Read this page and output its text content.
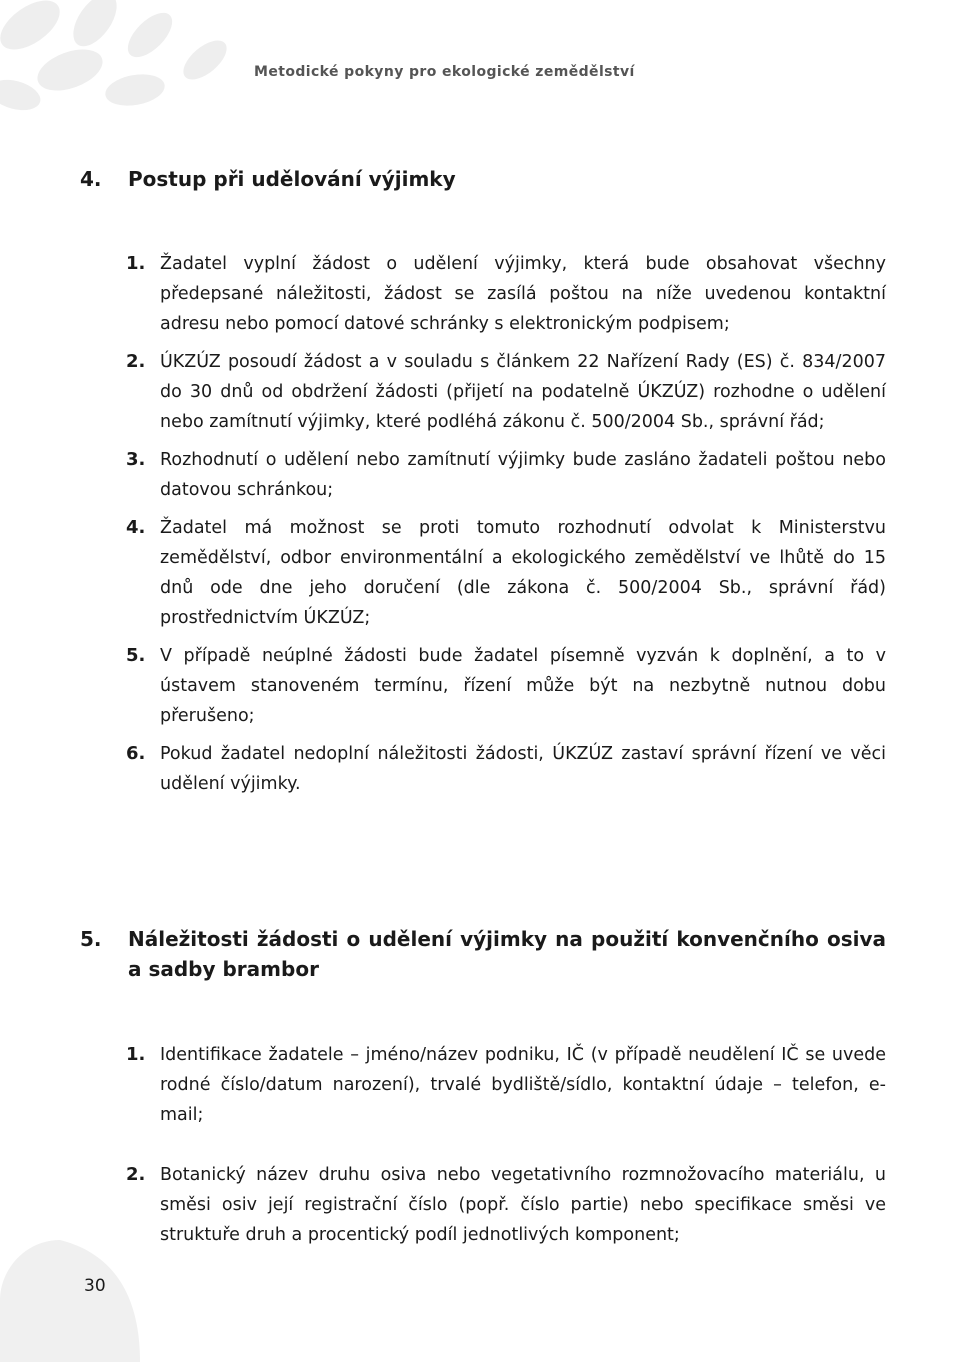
Metodické pokyny pro ekologické zemědělství
4. Postup při udělování výjimky
1. Žadatel vyplní žádost o udělení výjimky, která bude obsahovat všechny předepsané náležitosti, žádost se zasílá poštou na níže uvedenou kontaktní adresu nebo pomocí datové schránky s elektronickým podpisem;
2. ÚKZÚZ posoudí žádost a v souladu s článkem 22 Nařízení Rady (ES) č. 834/2007 do 30 dnů od obdržení žádosti (přijetí na podatelně ÚKZÚZ) rozhodne o udělení nebo zamítnutí výjimky, které podléhá zákonu č. 500/2004 Sb., správní řád;
3. Rozhodnutí o udělení nebo zamítnutí výjimky bude zasláno žadateli poštou nebo datovou schránkou;
4. Žadatel má možnost se proti tomuto rozhodnutí odvolat k Ministerstvu zemědělství, odbor environmentální a ekologického zemědělství ve lhůtě do 15 dnů ode dne jeho doručení (dle zákona č. 500/2004 Sb., správní řád) prostřednictvím ÚKZÚZ;
5. V případě neúplné žádosti bude žadatel písemně vyzván k doplnění, a to v ústavem stanoveném termínu, řízení může být na nezbytně nutnou dobu přerušeno;
6. Pokud žadatel nedoplní náležitosti žádosti, ÚKZÚZ zastaví správní řízení ve věci udělení výjimky.
5. Náležitosti žádosti o udělení výjimky na použití konvenčního osiva a sadby brambor
1. Identifikace žadatele – jméno/název podniku, IČ (v případě neudělení IČ se uvede rodné číslo/datum narození), trvalé bydliště/sídlo, kontaktní údaje – telefon, e-mail;
2. Botanický název druhu osiva nebo vegetativního rozmnožovacího materiálu, u směsi osiv její registrační číslo (popř. číslo partie) nebo specifikace směsi ve struktuře druh a procentický podíl jednotlivých komponent;
30
